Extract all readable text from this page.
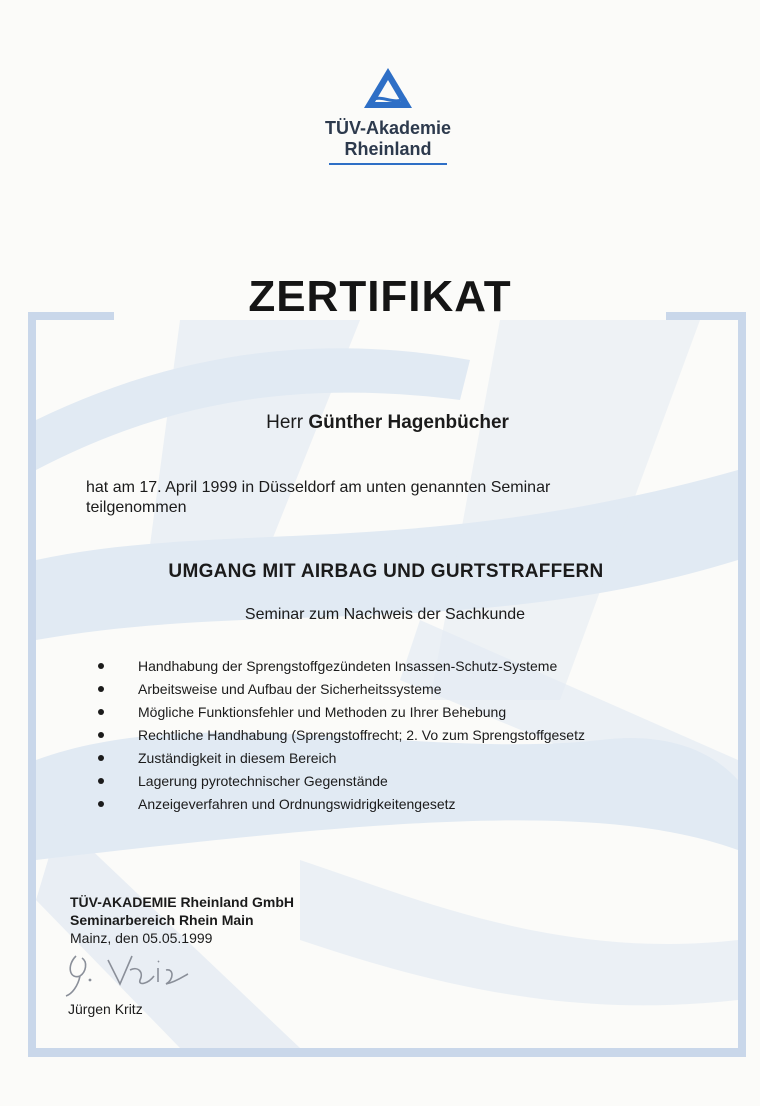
TÜV-Akademie
Rheinland
ZERTIFIKAT
Herr Günther Hagenbücher
hat am 17. April 1999 in Düsseldorf am unten genannten Seminar
teilgenommen
UMGANG MIT AIRBAG UND GURTSTRAFFERN
Seminar zum Nachweis der Sachkunde
Handhabung der Sprengstoffgezündeten Insassen-Schutz-Systeme
Arbeitsweise und Aufbau der Sicherheitssysteme
Mögliche Funktionsfehler und Methoden zu Ihrer Behebung
Rechtliche Handhabung (Sprengstoffrecht; 2. Vo zum Sprengstoffgesetz
Zuständigkeit in diesem Bereich
Lagerung pyrotechnischer Gegenstände
Anzeigeverfahren und Ordnungswidrigkeitengesetz
TÜV-AKADEMIE Rheinland GmbH
Seminarbereich Rhein Main
Mainz, den 05.05.1999
Jürgen Kritz
